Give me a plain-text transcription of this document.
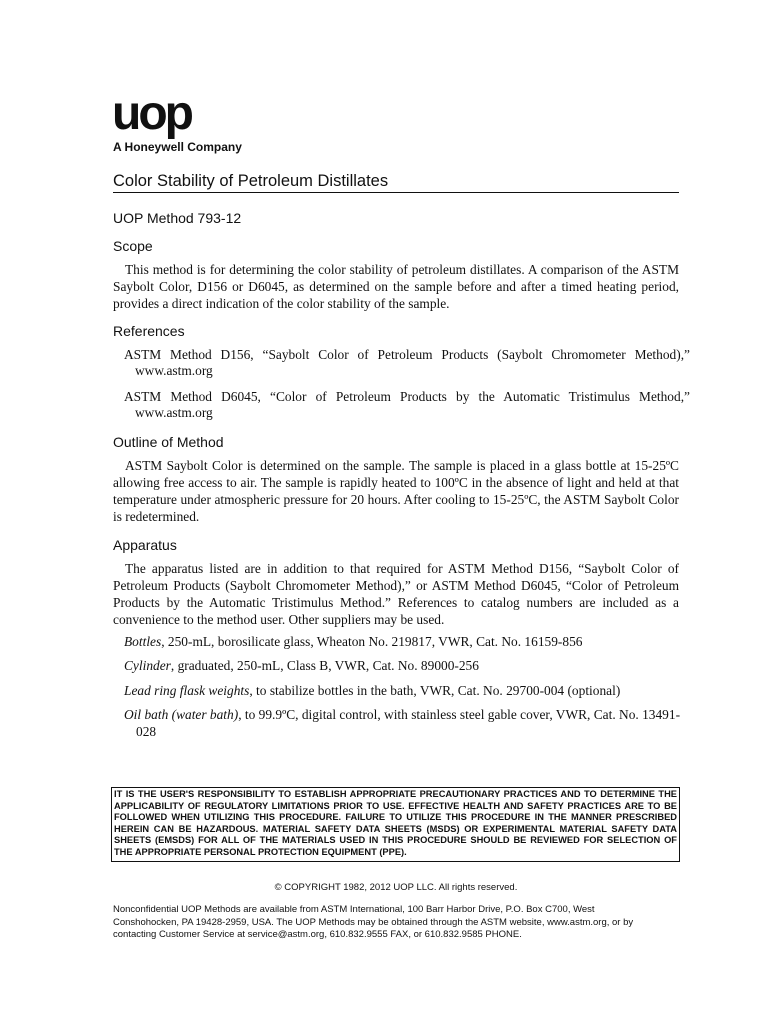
uop
A Honeywell Company
Color Stability of Petroleum Distillates
UOP Method 793-12
Scope
This method is for determining the color stability of petroleum distillates. A comparison of the ASTM Saybolt Color, D156 or D6045, as determined on the sample before and after a timed heating period, provides a direct indication of the color stability of the sample.
References
ASTM Method D156, “Saybolt Color of Petroleum Products (Saybolt Chromometer Method),” www.astm.org
ASTM Method D6045, “Color of Petroleum Products by the Automatic Tristimulus Method,” www.astm.org
Outline of Method
ASTM Saybolt Color is determined on the sample. The sample is placed in a glass bottle at 15-25ºC allowing free access to air. The sample is rapidly heated to 100ºC in the absence of light and held at that temperature under atmospheric pressure for 20 hours. After cooling to 15-25ºC, the ASTM Saybolt Color is redetermined.
Apparatus
The apparatus listed are in addition to that required for ASTM Method D156, “Saybolt Color of Petroleum Products (Saybolt Chromometer Method),” or ASTM Method D6045, “Color of Petroleum Products by the Automatic Tristimulus Method.” References to catalog numbers are included as a convenience to the method user. Other suppliers may be used.
Bottles, 250-mL, borosilicate glass, Wheaton No. 219817, VWR, Cat. No. 16159-856
Cylinder, graduated, 250-mL, Class B, VWR, Cat. No. 89000-256
Lead ring flask weights, to stabilize bottles in the bath, VWR, Cat. No. 29700-004 (optional)
Oil bath (water bath), to 99.9ºC, digital control, with stainless steel gable cover, VWR, Cat. No. 13491-028
IT IS THE USER'S RESPONSIBILITY TO ESTABLISH APPROPRIATE PRECAUTIONARY PRACTICES AND TO DETERMINE THE APPLICABILITY OF REGULATORY LIMITATIONS PRIOR TO USE. EFFECTIVE HEALTH AND SAFETY PRACTICES ARE TO BE FOLLOWED WHEN UTILIZING THIS PROCEDURE. FAILURE TO UTILIZE THIS PROCEDURE IN THE MANNER PRESCRIBED HEREIN CAN BE HAZARDOUS. MATERIAL SAFETY DATA SHEETS (MSDS) OR EXPERIMENTAL MATERIAL SAFETY DATA SHEETS (EMSDS) FOR ALL OF THE MATERIALS USED IN THIS PROCEDURE SHOULD BE REVIEWED FOR SELECTION OF THE APPROPRIATE PERSONAL PROTECTION EQUIPMENT (PPE).
© COPYRIGHT 1982, 2012 UOP LLC. All rights reserved.
Nonconfidential UOP Methods are available from ASTM International, 100 Barr Harbor Drive, P.O. Box C700, West
Conshohocken, PA 19428-2959, USA. The UOP Methods may be obtained through the ASTM website, www.astm.org, or by
contacting Customer Service at service@astm.org, 610.832.9555 FAX, or 610.832.9585 PHONE.
